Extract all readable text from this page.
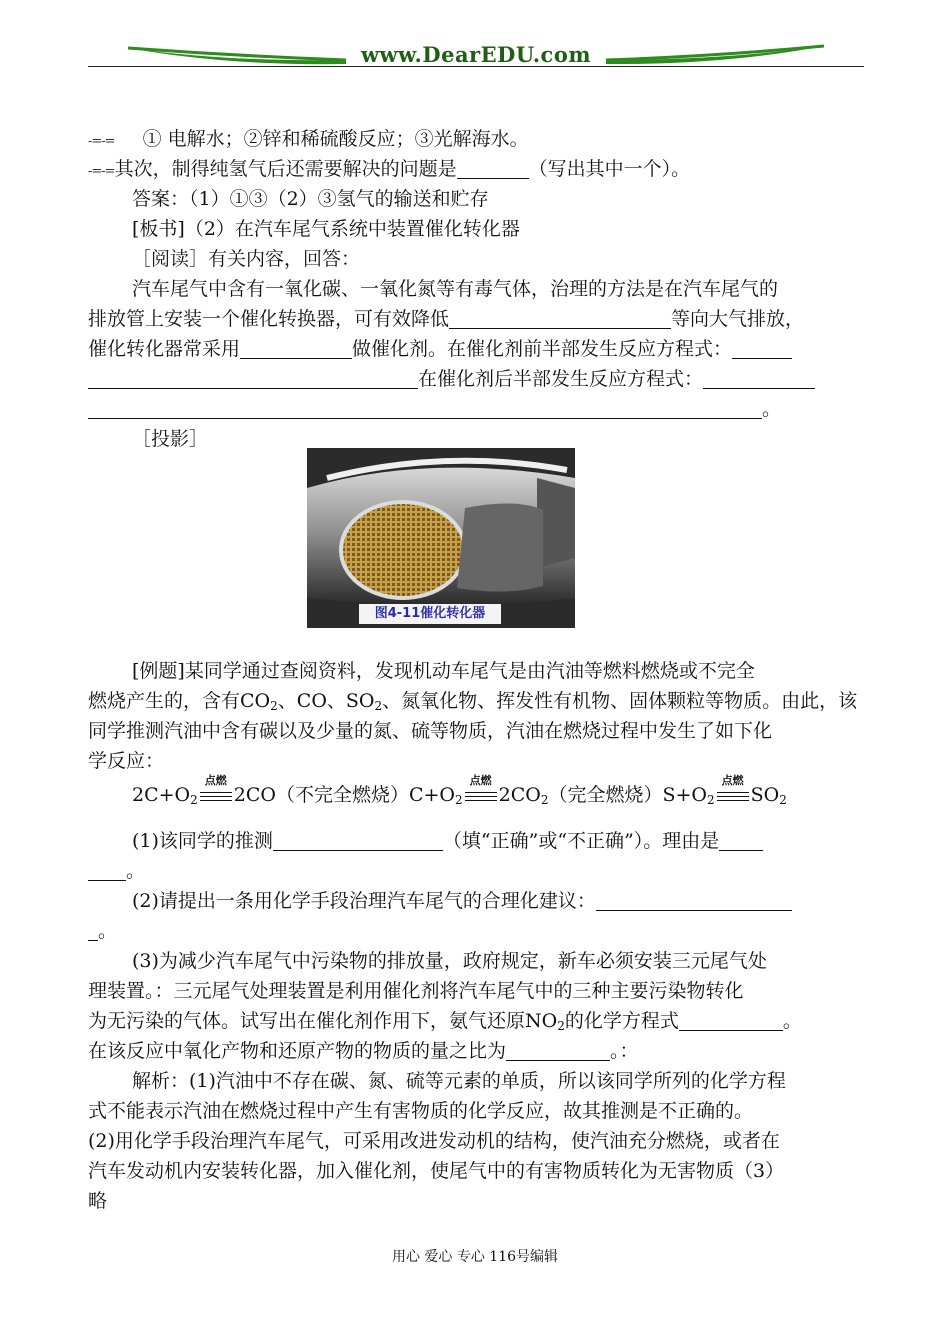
www.DearEDU.com
-=-= ① 电解水；②锌和稀硫酸反应；③光解海水。
-=-=其次，制得纯氢气后还需要解决的问题是	（写出其中一个）。
答案：（1）①③（2）③氢气的输送和贮存
[板书]（2）在汽车尾气系统中装置催化转化器
［阅读］有关内容，回答：
汽车尾气中含有一氧化碳、一氧化氮等有毒气体，治理的方法是在汽车尾气的
排放管上安装一个催化转换器，可有效降低	等向大气排放，
催化转化器常采用	做催化剂。在催化剂前半部发生反应方程式：
在催化剂后半部发生反应方程式：
。
［投影］
图4-11催化转化器
[例题]某同学通过查阅资料，发现机动车尾气是由汽油等燃料燃烧或不完全
燃烧产生的，含有$CO_2$、CO、$SO_2$、氮氧化物、挥发性有机物、固体颗粒等物质。由此，该
同学推测汽油中含有碳以及少量的氮、硫等物质，汽油在燃烧过程中发生了如下化
学反应：
$2C+O_2$
点燃
2CO（不完全燃烧）$C+O_2$
点燃
$2CO_2$（完全燃烧）$S+O_2$
点燃
$SO_2$
(1)该同学的推测	（填“正确”或“不正确”）。理由是
。
(2)请提出一条用化学手段治理汽车尾气的合理化建议：
。
(3)为减少汽车尾气中污染物的排放量，政府规定，新车必须安装三元尾气处
理装置。：三元尾气处理装置是利用催化剂将汽车尾气中的三种主要污染物转化
为无污染的气体。试写出在催化剂作用下，氨气还原$NO_2$的化学方程式	。
在该反应中氧化产物和还原产物的物质的量之比为	。：
解析：(1)汽油中不存在碳、氮、硫等元素的单质，所以该同学所列的化学方程
式不能表示汽油在燃烧过程中产生有害物质的化学反应，故其推测是不正确的。
(2)用化学手段治理汽车尾气，可采用改进发动机的结构，使汽油充分燃烧，或者在
汽车发动机内安装转化器，加入催化剂，使尾气中的有害物质转化为无害物质（3）
略
用心 爱心 专心 116号编辑
